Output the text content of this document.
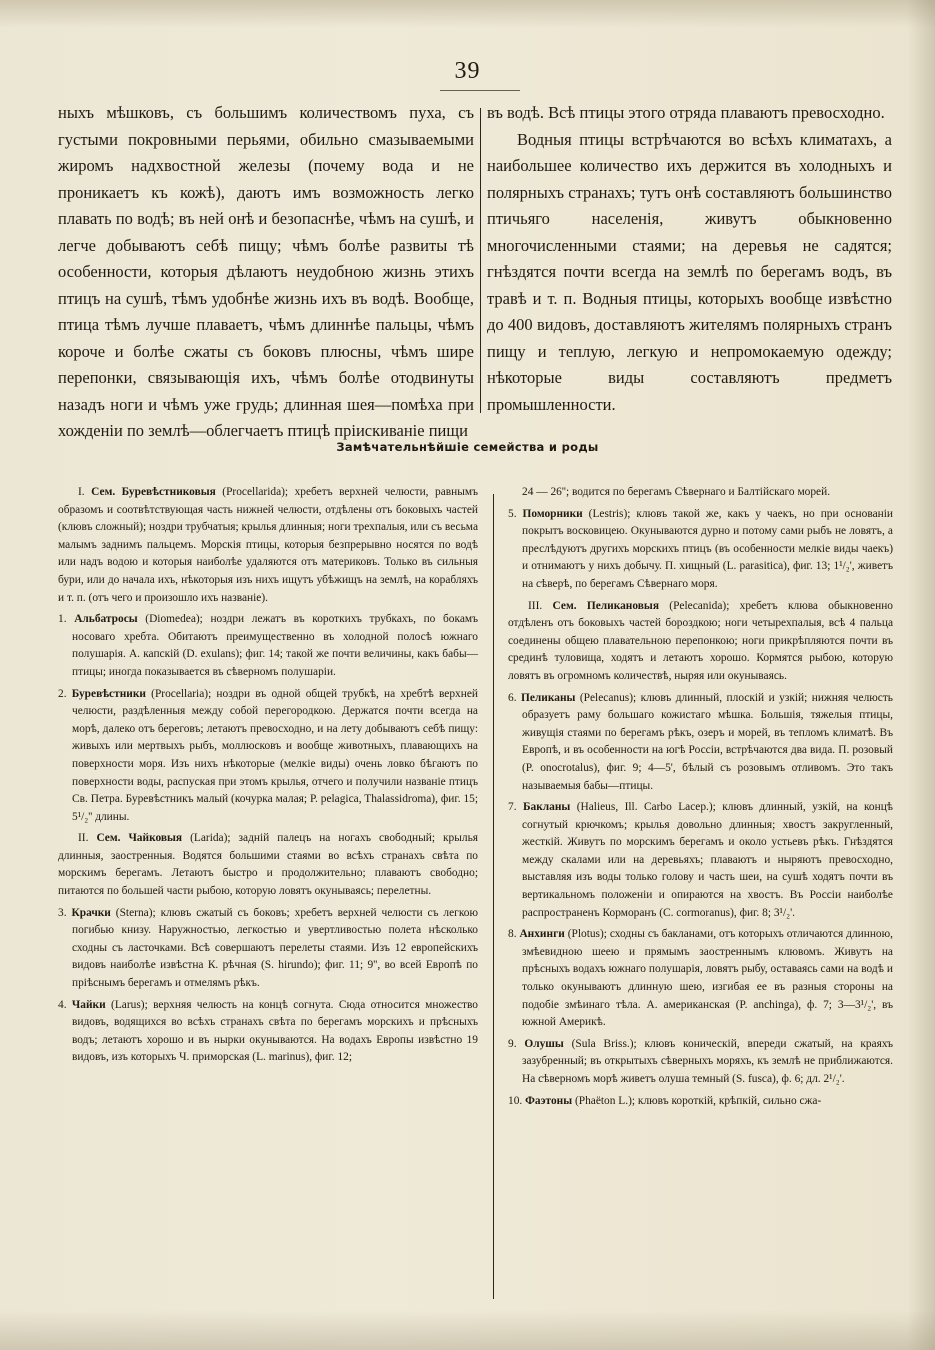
39

ныхъ мѣшковъ, съ большимъ количествомъ пуха, съ густыми покровными перьями, обильно смазываемыми жиромъ надхвостной железы (почему вода и не проникаетъ къ кожѣ), даютъ имъ возможность легко плавать по водѣ; въ ней онѣ и безопаснѣе, чѣмъ на сушѣ, и легче добываютъ себѣ пищу; чѣмъ болѣе развиты тѣ особенности, которыя дѣлаютъ неудобною жизнь этихъ птицъ на сушѣ, тѣмъ удобнѣе жизнь ихъ въ водѣ. Вообще, птица тѣмъ лучше плаваетъ, чѣмъ длиннѣе пальцы, чѣмъ короче и болѣе сжаты съ боковъ плюсны, чѣмъ шире перепонки, связывающія ихъ, чѣмъ болѣе отодвинуты назадъ ноги и чѣмъ уже грудь; длинная шея—помѣха при хожденіи по землѣ—облегчаетъ птицѣ пріискиваніе пищи

въ водѣ. Всѣ птицы этого отряда плаваютъ превосходно.

Водныя птицы встрѣчаются во всѣхъ климатахъ, а наибольшее количество ихъ держится въ холодныхъ и полярныхъ странахъ; тутъ онѣ составляютъ большинство птичьяго населенія, живутъ обыкновенно многочисленными стаями; на деревья не садятся; гнѣздятся почти всегда на землѣ по берегамъ водъ, въ травѣ и т. п. Водныя птицы, которыхъ вообще извѣстно до 400 видовъ, доставляютъ жителямъ полярныхъ странъ пищу и теплую, легкую и непромокаемую одежду; нѣкоторые виды составляютъ предметъ промышленности.

Замѣчательнѣйшіе семейства и роды

I. Сем. Буревѣстниковыя (Procellarida); хребетъ верхней челюсти, равнымъ образомъ и соотвѣтствующая часть нижней челюсти, отдѣлены отъ боковыхъ частей (клювъ сложный); ноздри трубчатыя; крылья длинныя; ноги трехпалыя, или съ весьма малымъ заднимъ пальцемъ. Морскія птицы, которыя безпрерывно носятся по водѣ или надъ водою и которыя наиболѣе удаляются отъ материковъ. Только въ сильныя бури, или до начала ихъ, нѣкоторыя изъ нихъ ищутъ убѣжищъ на землѣ, на корабляхъ и т. п. (отъ чего и произошло ихъ названіе).

1. Альбатросы (Diomedea); ноздри лежатъ въ короткихъ трубкахъ, по бокамъ носоваго хребта. Обитаютъ преимущественно въ холодной полосѣ южнаго полушарія. А. капскій (D. exulans); фиг. 14; такой же почти величины, какъ бабы—птицы; иногда показывается въ сѣверномъ полушаріи.

2. Буревѣстники (Procellaria); ноздри въ одной общей трубкѣ, на хребтѣ верхней челюсти, раздѣленныя между собой перегородкою. Держатся почти всегда на морѣ, далеко отъ береговъ; летаютъ превосходно, и на лету добываютъ себѣ пищу: живыхъ или мертвыхъ рыбъ, моллюсковъ и вообще животныхъ, плавающихъ на поверхности моря. Изъ нихъ нѣкоторые (мелкіе виды) очень ловко бѣгаютъ по поверхности воды, распуская при этомъ крылья, отчего и получили названіе птицъ Св. Петра. Буревѣстникъ малый (кочурка малая; P. pelagica, Thalassidroma), фиг. 15; 5¹/₂'' длины.

II. Сем. Чайковыя (Larida); задній палецъ на ногахъ свободный; крылья длинныя, заостренныя. Водятся большими стаями во всѣхъ странахъ свѣта по морскимъ берегамъ. Летаютъ быстро и продолжительно; плаваютъ свободно; питаются по большей части рыбою, которую ловятъ окунываясь; перелетны.

3. Крачки (Sterna); клювъ сжатый съ боковъ; хребетъ верхней челюсти съ легкою погибью книзу. Наружностью, легкостью и увертливостью полета нѣсколько сходны съ ласточками. Всѣ совершаютъ перелеты стаями. Изъ 12 европейскихъ видовъ наиболѣе извѣстна К. рѣчная (S. hirundo); фиг. 11; 9'', во всей Европѣ по пріѣснымъ берегамъ и отмелямъ рѣкъ.

4. Чайки (Larus); верхняя челюсть на концѣ согнута. Сюда относится множество видовъ, водящихся во всѣхъ странахъ свѣта по берегамъ морскихъ и прѣсныхъ водъ; летаютъ хорошо и въ нырки окунываются. На водахъ Европы извѣстно 19 видовъ, изъ которыхъ Ч. приморская (L. marinus), фиг. 12;

24 — 26''; водится по берегамъ Сѣвернаго и Балтійскаго морей.

5. Поморники (Lestris); клювъ такой же, какъ у чаекъ, но при основаніи покрытъ восковицею. Окунываются дурно и потому сами рыбъ не ловятъ, а преслѣдуютъ другихъ морскихъ птицъ (въ особенности мелкіе виды чаекъ) и отнимаютъ у нихъ добычу. П. хищный (L. parasitica), фиг. 13; 1¹/₂', живетъ на сѣверѣ, по берегамъ Сѣвернаго моря.

III. Сем. Пеликановыя (Pelecanida); хребетъ клюва обыкновенно отдѣленъ отъ боковыхъ частей бороздкою; ноги четырехпалыя, всѣ 4 пальца соединены общею плавательною перепонкою; ноги прикрѣпляются почти въ срединѣ туловища, ходятъ и летаютъ хорошо. Кормятся рыбою, которую ловятъ въ огромномъ количествѣ, ныряя или окунываясь.

6. Пеликаны (Pelecanus); клювъ длинный, плоскій и узкій; нижняя челюсть образуетъ раму большаго кожистаго мѣшка. Большія, тяжелыя птицы, живущія стаями по берегамъ рѣкъ, озеръ и морей, въ тепломъ климатѣ. Въ Европѣ, и въ особенности на югѣ Россіи, встрѣчаются два вида. П. розовый (P. onocrotalus), фиг. 9; 4—5', бѣлый съ розовымъ отливомъ. Это такъ называемыя бабы—птицы.

7. Бакланы (Halieus, Ill. Carbo Lacep.); клювъ длинный, узкій, на концѣ согнутый крючкомъ; крылья довольно длинныя; хвостъ закругленный, жесткій. Живутъ по морскимъ берегамъ и около устьевъ рѣкъ. Гнѣздятся между скалами или на деревьяхъ; плаваютъ и ныряютъ превосходно, выставляя изъ воды только голову и часть шеи, на сушѣ ходятъ почти въ вертикальномъ положеніи и опираются на хвостъ. Въ Россіи наиболѣе распространенъ Корморанъ (C. cormoranus), фиг. 8; 3¹/₂'.

8. Анхинги (Plotus); сходны съ бакланами, отъ которыхъ отличаются длинною, змѣевидною шеею и прямымъ заостреннымъ клювомъ. Живутъ на прѣсныхъ водахъ южнаго полушарія, ловятъ рыбу, оставаясь сами на водѣ и только окунываютъ длинную шею, изгибая ее въ разныя стороны на подобіе змѣинаго тѣла. А. американская (P. anchinga), ф. 7; 3—3¹/₂', въ южной Америкѣ.

9. Олушы (Sula Briss.); клювъ коническій, впереди сжатый, на краяхъ зазубренный; въ открытыхъ сѣверныхъ моряхъ, къ землѣ не приближаются. На сѣверномъ морѣ живетъ олуша темный (S. fusca), ф. 6; дл. 2¹/₂'.

10. Фаэтоны (Phaëton L.); клювъ короткій, крѣпкій, сильно сжа-
